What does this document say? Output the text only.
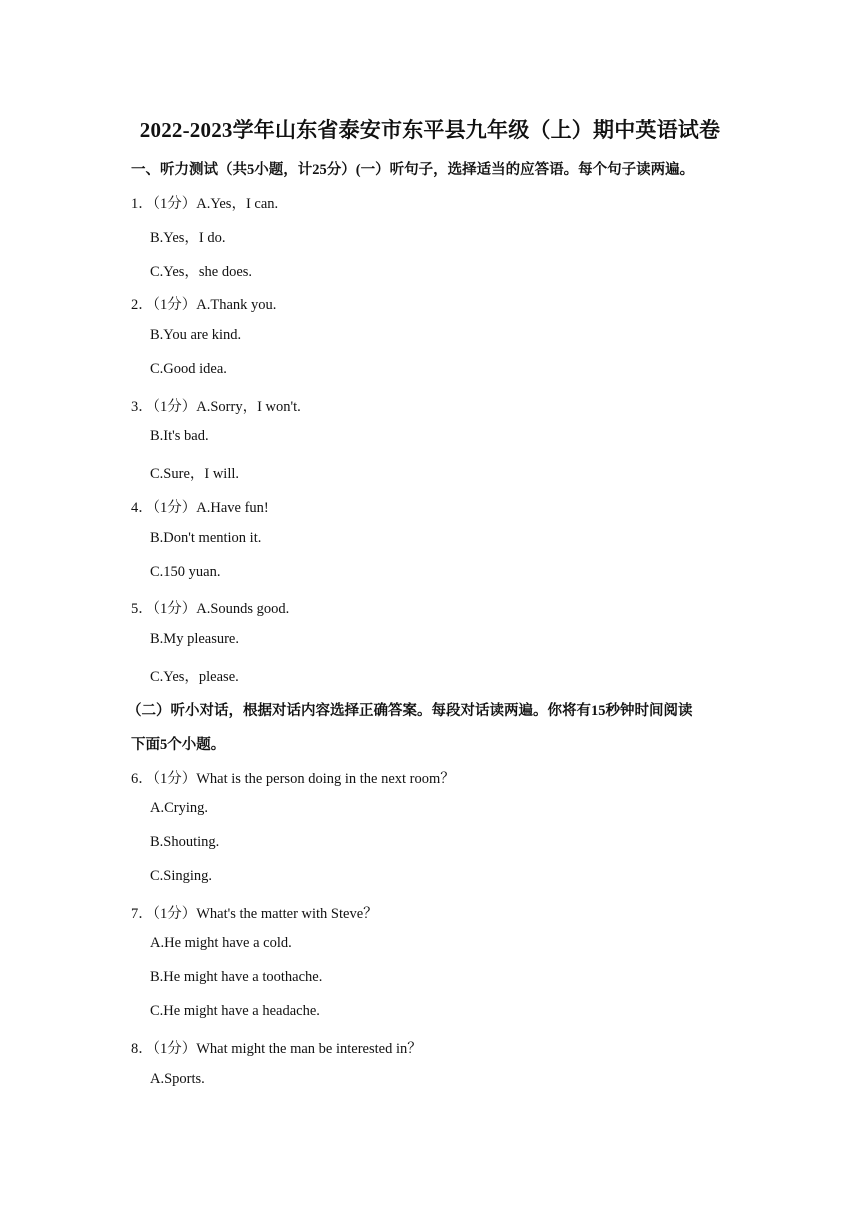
2022-2023学年山东省泰安市东平县九年级（上）期中英语试卷
一、听力测试（共5小题，计25分）(一）听句子，选择适当的应答语。每个句子读两遍。
1．（1分）A.Yes，I can.
B.Yes，I do.
C.Yes，she does.
2．（1分）A.Thank you.
B.You are kind.
C.Good idea.
3．（1分）A.Sorry，I won't.
B.It's bad.
C.Sure，I will.
4．（1分）A.Have fun!
B.Don't mention it.
C.150 yuan.
5．（1分）A.Sounds good.
B.My pleasure.
C.Yes，please.
（二）听小对话，根据对话内容选择正确答案。每段对话读两遍。你将有15秒钟时间阅读
下面5个小题。
6．（1分）What is the person doing in the next room？
A.Crying.
B.Shouting.
C.Singing.
7．（1分）What's the matter with Steve？
A.He might have a cold.
B.He might have a toothache.
C.He might have a headache.
8．（1分）What might the man be interested in？
A.Sports.
